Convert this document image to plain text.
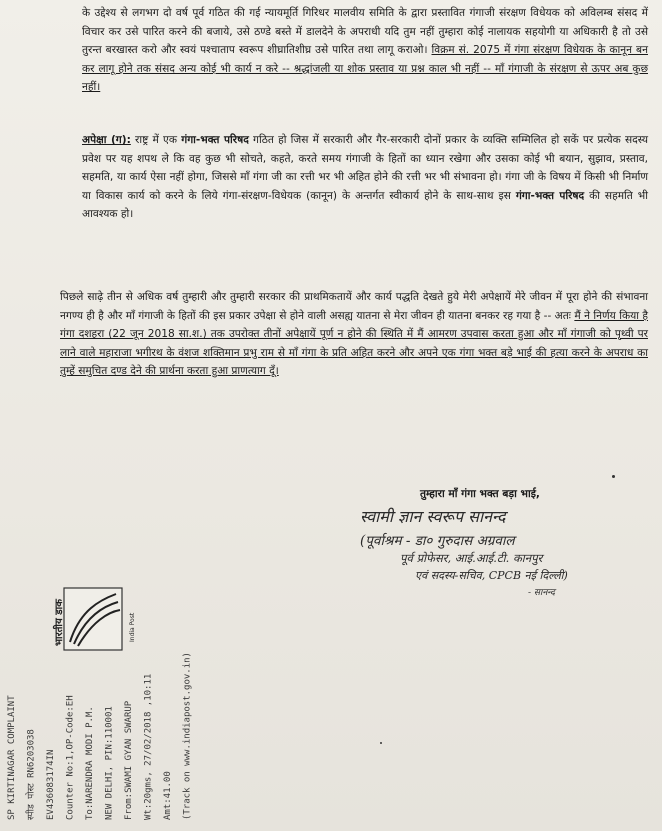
के उद्देश्य से लगभग दो वर्ष पूर्व गठित की गई न्यायमूर्ति गिरिधर मालवीय समिति के द्वारा प्रस्तावित गंगाजी संरक्षण विधेयक को अविलम्ब संसद में विचार कर उसे पारित करने की बजाये, उसे ठण्डे बस्ते में डालदेने के अपराधी यदि तुम नहीं तुम्हारा कोई नालायक सहयोगी या अधिकारी है तो उसे तुरन्त बरखास्त करो और स्वयं पश्चाताप स्वरूप शीघ्रातिशीघ्र उसे पारित तथा लागू कराओ। विक्रम सं. 2075 में गंगा संरक्षण विधेयक के कानून बन कर लागू होने तक संसद अन्य कोई भी कार्य न करे -- श्रद्धांजली या शोक प्रस्ताव या प्रश्न काल भी नहीं -- माँ गंगाजी के संरक्षण से ऊपर अब कुछ नहीं।

अपेक्षा (ग): राष्ट्र में एक गंगा-भक्त परिषद गठित हो जिस में सरकारी और गैर-सरकारी दोनों प्रकार के व्यक्ति सम्मिलित हो सकें पर प्रत्येक सदस्य प्रवेश पर यह शपथ ले कि वह कुछ भी सोचते, कहते, करते समय गंगाजी के हितों का ध्यान रखेगा और उसका कोई भी बयान, सुझाव, प्रस्ताव, सहमति, या कार्य ऐसा नहीं होगा, जिससे माँ गंगा जी का रत्ती भर भी अहित होने की रत्ती भर भी संभावना हो। गंगा जी के विषय में किसी भी निर्माण या विकास कार्य को करने के लिये गंगा-संरक्षण-विधेयक (कानून) के अन्तर्गत स्वीकार्य होने के साथ-साथ इस गंगा-भक्त परिषद की सहमति भी आवश्यक हो।

पिछले साढ़े तीन से अधिक वर्ष तुम्हारी और तुम्हारी सरकार की प्राथमिकतायें और कार्य पद्धति देखते हुये मेरी अपेक्षायें मेरे जीवन में पूरा होने की संभावना नगण्य ही है और माँ गंगाजी के हितों की इस प्रकार उपेक्षा से होने वाली असह्य यातना से मेरा जीवन ही यातना बनकर रह गया है -- अतः मैं ने निर्णय किया है गंगा दशहरा (22 जून 2018 सा.श.) तक उपरोक्त तीनों अपेक्षायें पूर्ण न होने की स्थिति में मैं आमरण उपवास करता हुआ और माँ गंगाजी को पृथ्वी पर लाने वाले महाराजा भगीरथ के वंशज शक्तिमान प्रभु राम से माँ गंगा के प्रति अहित करने और अपने एक गंगा भक्त बड़े भाई की हत्या करने के अपराध का तुम्हें समुचित दण्ड देने की प्रार्थना करता हुआ प्राणत्याग दूँ।

तुम्हारा माँ गंगा भक्त बड़ा भाई,
स्वामी ज्ञान स्वरूप सानन्द
(पूर्वाश्रम - डा० गुरुदास अग्रवाल
पूर्व प्रोफेसर, आई.आई.टी. कानपुर
एवं सदस्य-सचिव, CPCB नई दिल्ली)
- सानन्द
भारतीय डाक	India Post
SP KIRTINAGAR COMPLAINT स्पीड पोस्ट RN6203038 EV436083174IN Counter No:1,OP-Code:EH To:NARENDRA MODI P.M. NEW DELHI, PIN:110001 From:SWAMI GYAN SWARUP Wt:20gms, 27/02/2018 ,10:11 Amt:41.00 (Track on www.indiapost.gov.in)
